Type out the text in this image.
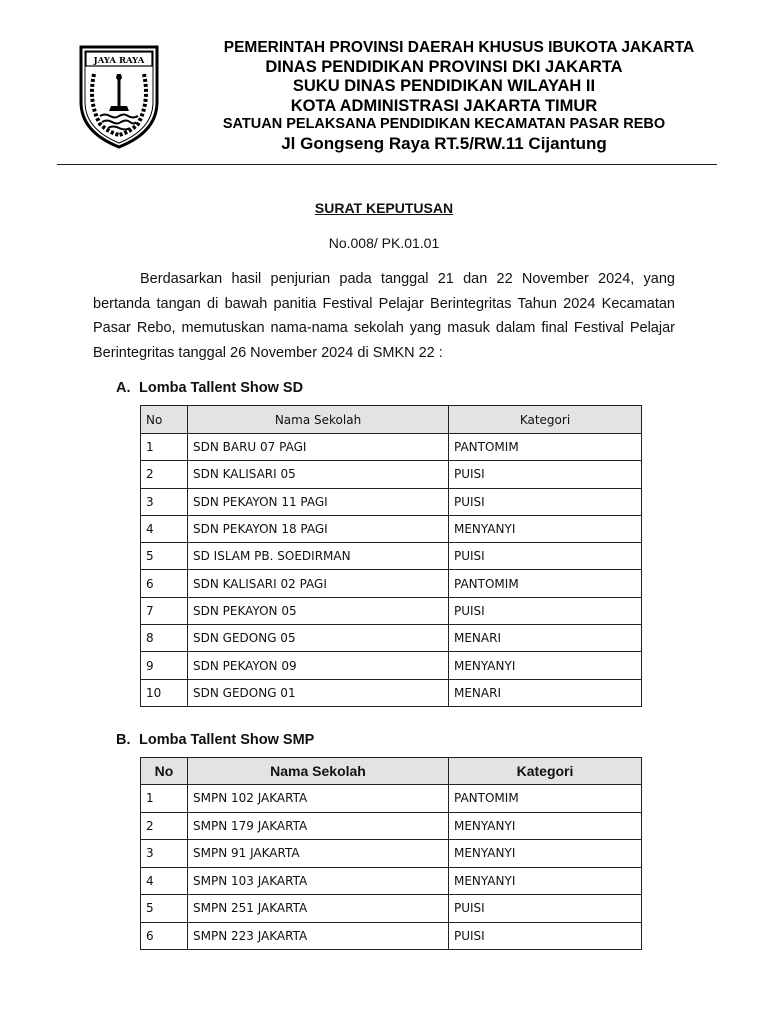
JAYA RAYA
PEMERINTAH PROVINSI DAERAH KHUSUS IBUKOTA JAKARTA
DINAS PENDIDIKAN PROVINSI DKI JAKARTA
SUKU DINAS PENDIDIKAN WILAYAH II
KOTA ADMINISTRASI JAKARTA TIMUR
SATUAN PELAKSANA PENDIDIKAN KECAMATAN PASAR REBO
Jl Gongseng Raya RT.5/RW.11 Cijantung
SURAT KEPUTUSAN
No.008/ PK.01.01
Berdasarkan hasil penjurian pada tanggal 21 dan 22 November 2024, yang bertanda tangan di bawah panitia Festival Pelajar Berintegritas Tahun 2024 Kecamatan Pasar Rebo, memutuskan nama-nama sekolah yang masuk dalam final Festival Pelajar Berintegritas tanggal 26 November 2024 di SMKN 22 :
A. Lomba Tallent Show SD
No	Nama Sekolah	Kategori
1	SDN BARU 07 PAGI	PANTOMIM
2	SDN KALISARI 05	PUISI
3	SDN PEKAYON 11 PAGI	PUISI
4	SDN PEKAYON 18 PAGI	MENYANYI
5	SD ISLAM PB. SOEDIRMAN	PUISI
6	SDN KALISARI 02 PAGI	PANTOMIM
7	SDN PEKAYON 05	PUISI
8	SDN GEDONG 05	MENARI
9	SDN PEKAYON 09	MENYANYI
10	SDN GEDONG 01	MENARI
B. Lomba Tallent Show SMP
No	Nama Sekolah	Kategori
1	SMPN 102 JAKARTA	PANTOMIM
2	SMPN 179 JAKARTA	MENYANYI
3	SMPN 91 JAKARTA	MENYANYI
4	SMPN 103 JAKARTA	MENYANYI
5	SMPN 251 JAKARTA	PUISI
6	SMPN 223 JAKARTA	PUISI
